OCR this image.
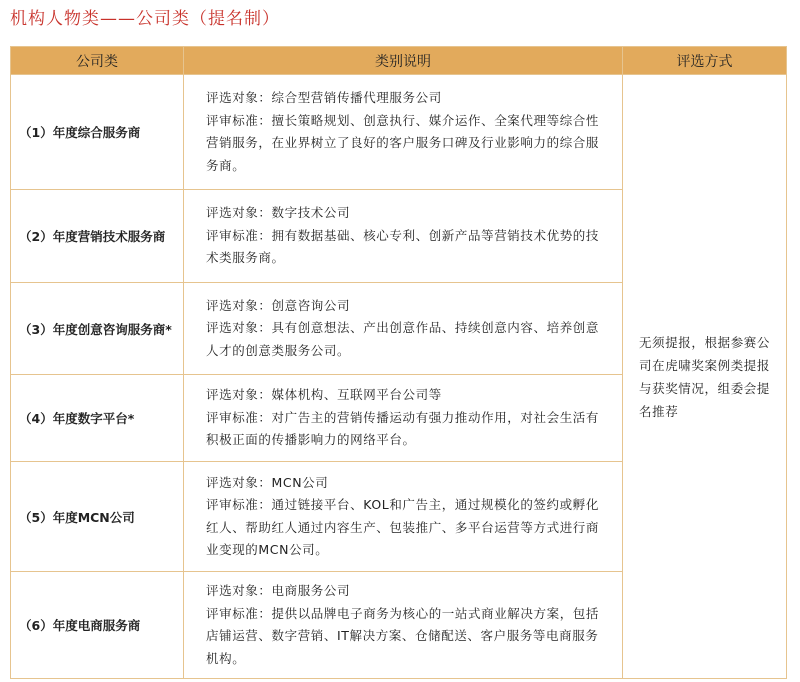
机构人物类——公司类（提名制）
公司类	类别说明	评选方式
（1）年度综合服务商	评选对象：综合型营销传播代理服务公司
评审标准：擅长策略规划、创意执行、媒介运作、全案代理等综合性营销服务，在业界树立了良好的客户服务口碑及行业影响力的综合服务商。	无须提报，根据参赛公司在虎啸奖案例类提报与获奖情况，组委会提名推荐
（2）年度营销技术服务商	评选对象：数字技术公司
评审标准：拥有数据基础、核心专利、创新产品等营销技术优势的技术类服务商。	

（3）年度创意咨询服务商*	评选对象：创意咨询公司
评选对象：具有创意想法、产出创意作品、持续创意内容、培养创意人才的创意类服务公司。	

（4）年度数字平台*	评选对象：媒体机构、互联网平台公司等
评审标准：对广告主的营销传播运动有强力推动作用，对社会生活有积极正面的传播影响力的网络平台。	

（5）年度MCN公司	评选对象：MCN公司
评审标准：通过链接平台、KOL和广告主，通过规模化的签约或孵化红人、帮助红人通过内容生产、包装推广、多平台运营等方式进行商业变现的MCN公司。	

（6）年度电商服务商	评选对象：电商服务公司
评审标准：提供以品牌电子商务为核心的一站式商业解决方案，包括店铺运营、数字营销、IT解决方案、仓储配送、客户服务等电商服务机构。	
